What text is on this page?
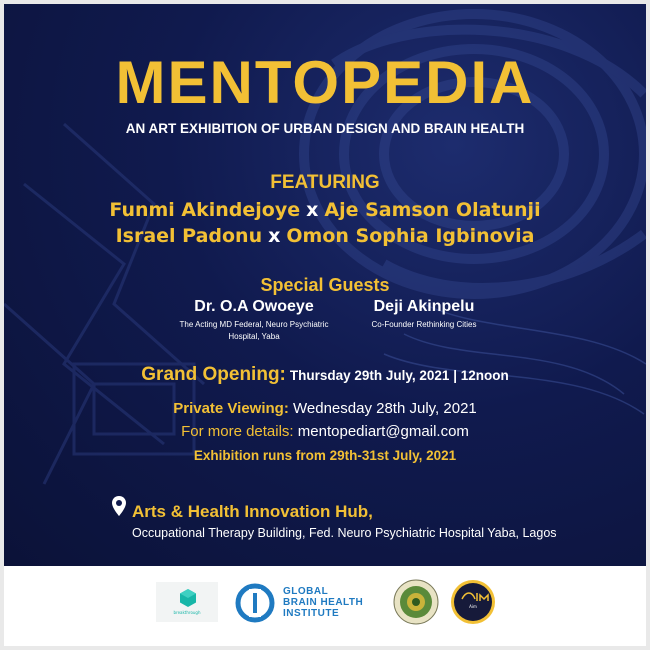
MENTOPEDIA
AN ART EXHIBITION OF URBAN DESIGN AND BRAIN HEALTH
FEATURING
Funmi Akindejoye x Aje Samson Olatunji
Israel Padonu x Omon Sophia Igbinovia
Special Guests
Dr. O.A Owoeye
The Acting MD Federal, Neuro Psychiatric Hospital, Yaba
Deji Akinpelu
Co-Founder Rethinking Cities
Grand Opening: Thursday 29th July, 2021 | 12noon
Private Viewing: Wednesday 28th July, 2021
For more details: mentopediart@gmail.com
Exhibition runs from 29th-31st July, 2021
Arts & Health Innovation Hub,
Occupational Therapy Building, Fed. Neuro Psychiatric Hospital Yaba, Lagos
breakthrough
GLOBAL
BRAIN HEALTH
INSTITUTE
Aim
